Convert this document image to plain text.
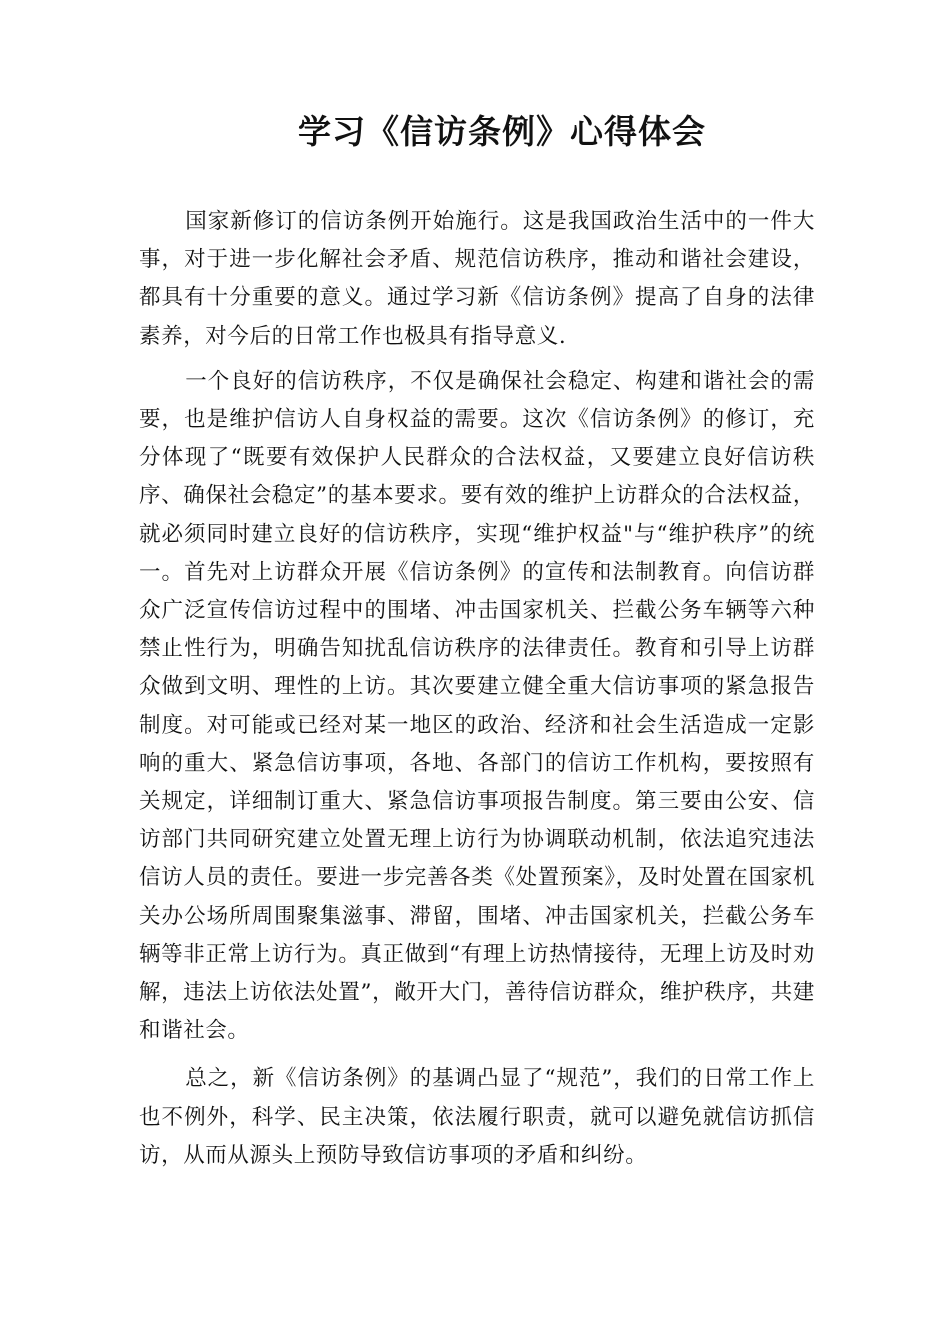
学习《信访条例》心得体会

国家新修订的信访条例开始施行。这是我国政治生活中的一件大事，对于进一步化解社会矛盾、规范信访秩序，推动和谐社会建设，都具有十分重要的意义。通过学习新《信访条例》提高了自身的法律素养，对今后的日常工作也极具有指导意义.

一个良好的信访秩序，不仅是确保社会稳定、构建和谐社会的需要，也是维护信访人自身权益的需要。这次《信访条例》的修订，充分体现了“既要有效保护人民群众的合法权益，又要建立良好信访秩序、确保社会稳定”的基本要求。要有效的维护上访群众的合法权益，就必须同时建立良好的信访秩序，实现“维护权益"与“维护秩序”的统一。首先对上访群众开展《信访条例》的宣传和法制教育。向信访群众广泛宣传信访过程中的围堵、冲击国家机关、拦截公务车辆等六种禁止性行为，明确告知扰乱信访秩序的法律责任。教育和引导上访群众做到文明、理性的上访。其次要建立健全重大信访事项的紧急报告制度。对可能或已经对某一地区的政治、经济和社会生活造成一定影响的重大、紧急信访事项，各地、各部门的信访工作机构，要按照有关规定，详细制订重大、紧急信访事项报告制度。第三要由公安、信访部门共同研究建立处置无理上访行为协调联动机制，依法追究违法信访人员的责任。要进一步完善各类《处置预案》，及时处置在国家机关办公场所周围聚集滋事、滞留，围堵、冲击国家机关，拦截公务车辆等非正常上访行为。真正做到“有理上访热情接待，无理上访及时劝解，违法上访依法处置”，敞开大门，善待信访群众，维护秩序，共建和谐社会。

总之，新《信访条例》的基调凸显了“规范”，我们的日常工作上也不例外，科学、民主决策，依法履行职责，就可以避免就信访抓信访，从而从源头上预防导致信访事项的矛盾和纠纷。
